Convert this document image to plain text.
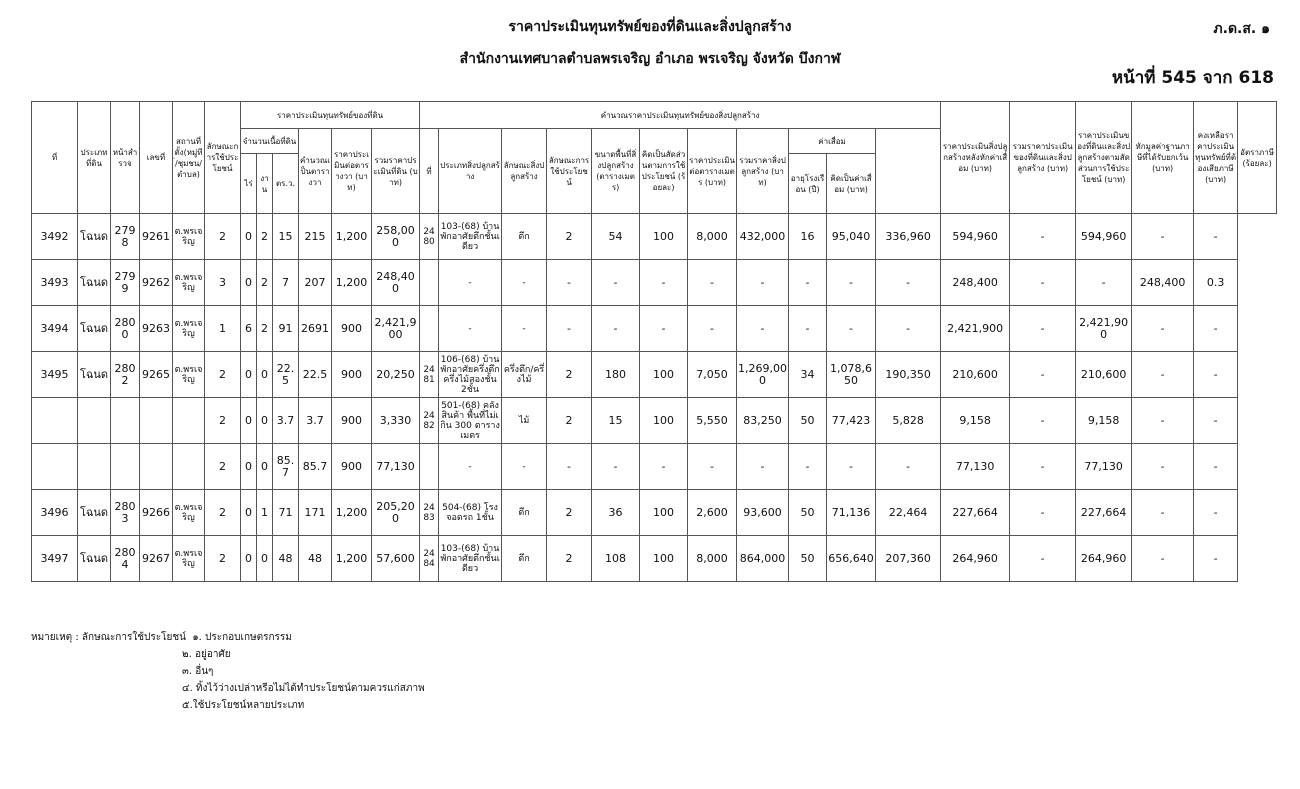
ราคาประเมินทุนทรัพย์ของที่ดินและสิ่งปลูกสร้าง
สำนักงานเทศบาลตำบลพรเจริญ อำเภอ พรเจริญ จังหวัด บึงกาฬ
ภ.ด.ส. ๑
หน้าที่ 545 จาก 618
ที่	ประเภทที่ดิน	หน้าสำรวจ	เลขที่	สถานที่ตั้ง(หมู่ที่/ชุมชน/ตำบล)	ลักษณะการใช้ประโยชน์	ราคาประเมินทุนทรัพย์ของที่ดิน						คำนวณราคาประเมินทุนทรัพย์ของสิ่งปลูกสร้าง											ราคาประเมินสิ่งปลูกสร้างหลังหักค่าเสื่อม (บาท)	รวมราคาประเมินของที่ดินและสิ่งปลูกสร้าง (บาท)	ราคาประเมินของที่ดินและสิ่งปลูกสร้างตามสัดส่วนการใช้ประโยชน์ (บาท)	หักมูลค่าฐานภาษีที่ได้รับยกเว้น (บาท)	คงเหลือราคาประเมินทุนทรัพย์ที่ต้องเสียภาษี (บาท)	อัตราภาษี (ร้อยละ)
						จำนวนเนื้อที่ดิน			คำนวณเป็นตารางวา	ราคาประเมินต่อตารางวา (บาท)	รวมราคาประเมินที่ดิน (บาท)	ที่	ประเภทสิ่งปลูกสร้าง	ลักษณะสิ่งปลูกสร้าง	ลักษณะการใช้ประโยชน์	ขนาดพื้นที่สิ่งปลูกสร้าง (ตารางเมตร)	คิดเป็นสัดส่วนตามการใช้ประโยชน์ (ร้อยละ)	ราคาประเมินต่อตารางเมตร (บาท)	รวมราคาสิ่งปลูกสร้าง (บาท)	ค่าเสื่อม								
						ไร่	งาน	ตร.ว.												อายุโรงเรือน (ปี)	คิดเป็นค่าเสื่อม (บาท)							
3492	โฉนด	2798	9261	ต.พรเจริญ	2	0	2	15	215	1,200	258,000	2480	103-(68) บ้านพักอาศัยตึกชั้นเดียว	ตึก	2	54	100	8,000	432,000	16	95,040	336,960	594,960	-	594,960	-	-	
3493	โฉนด	2799	9262	ต.พรเจริญ	3	0	2	7	207	1,200	248,400		-	-	-	-	-	-	-	-	-	-	248,400	-	-	248,400	0.3	
3494	โฉนด	2800	9263	ต.พรเจริญ	1	6	2	91	2691	900	2,421,900		-	-	-	-	-	-	-	-	-	-	2,421,900	-	2,421,900	-	-	
3495	โฉนด	2802	9265	ต.พรเจริญ	2	0	0	22.5	22.5	900	20,250	2481	106-(68) บ้านพักอาศัยครึ่งตึกครึ่งไม้สองชั้น 2ชั้น	ครึ่งตึก/ครึ่งไม้	2	180	100	7,050	1,269,000	34	1,078,650	190,350	210,600	-	210,600	-	-	
					2	0	0	3.7	3.7	900	3,330	2482	501-(68) คลังสินค้า พื้นที่ไม่เกิน 300 ตารางเมตร	ไม้	2	15	100	5,550	83,250	50	77,423	5,828	9,158	-	9,158	-	-	
					2	0	0	85.7	85.7	900	77,130		-	-	-	-	-	-	-	-	-	-	77,130	-	77,130	-	-	
3496	โฉนด	2803	9266	ต.พรเจริญ	2	0	1	71	171	1,200	205,200	2483	504-(68) โรงจอดรถ 1ชั้น	ตึก	2	36	100	2,600	93,600	50	71,136	22,464	227,664	-	227,664	-	-	
3497	โฉนด	2804	9267	ต.พรเจริญ	2	0	0	48	48	1,200	57,600	2484	103-(68) บ้านพักอาศัยตึกชั้นเดียว	ตึก	2	108	100	8,000	864,000	50	656,640	207,360	264,960	-	264,960	-	-	
หมายเหตุ : ลักษณะการใช้ประโยชน์ ๑. ประกอบเกษตรกรรม
๒. อยู่อาศัย
๓. อื่นๆ
๔. ทิ้งไว้ว่างเปล่าหรือไม่ได้ทำประโยชน์ตามควรแก่สภาพ
๕.ใช้ประโยชน์หลายประเภท
